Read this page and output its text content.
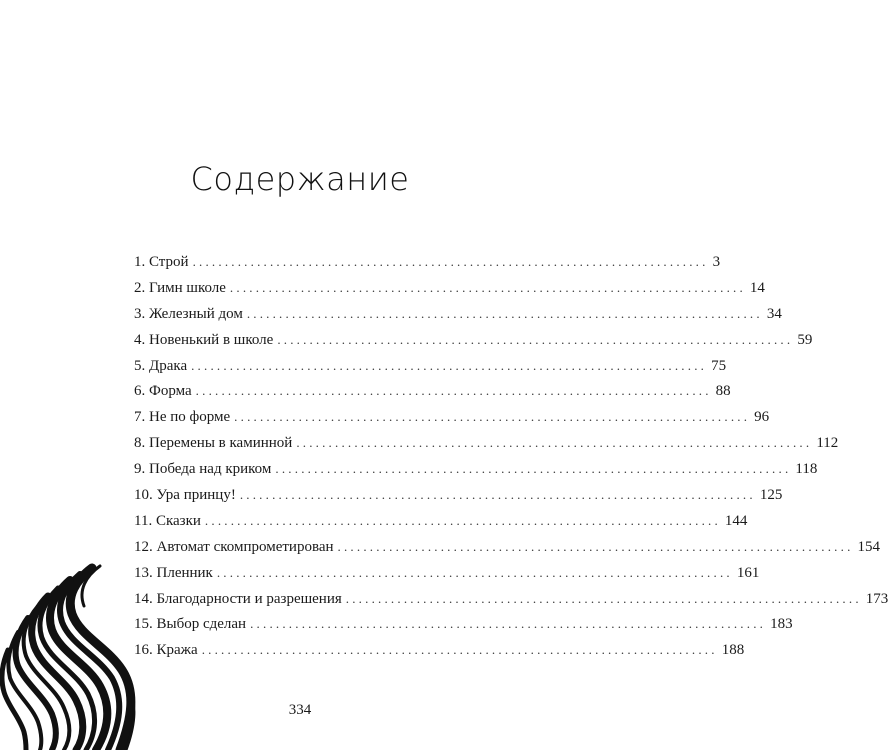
Содержание
1. Строй ................................................................................ 3
2. Гимн школе ................................................................................ 14
3. Железный дом ................................................................................ 34
4. Новенький в школе ................................................................................ 59
5. Драка ................................................................................ 75
6. Форма ................................................................................ 88
7. Не по форме ................................................................................ 96
8. Перемены в каминной ................................................................................ 112
9. Победа над криком ................................................................................ 118
10. Ура принцу! ................................................................................ 125
11. Сказки ................................................................................ 144
12. Автомат скомпрометирован ................................................................................ 154
13. Пленник ................................................................................ 161
14. Благодарности и разрешения ................................................................................ 173
15. Выбор сделан ................................................................................ 183
16. Кража ................................................................................ 188
334
